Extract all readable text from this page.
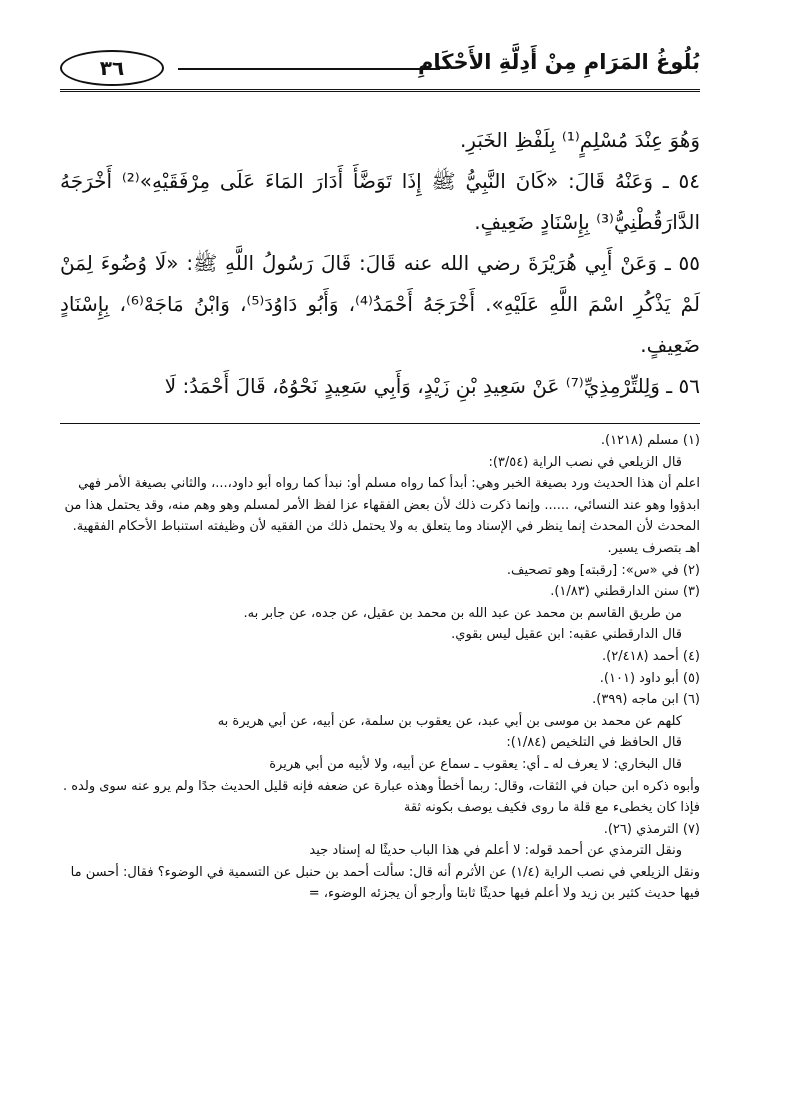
٣٦	بُلُوغُ المَرَامِ مِنْ أَدِلَّةِ الأَحْكَامِ

وَهُوَ عِنْدَ مُسْلِمٍ⁽¹⁾ بِلَفْظِ الخَبَرِ.

٥٤ ـ وَعَنْهُ قَالَ: «كَانَ النَّبِيُّ ﷺ إِذَا تَوَضَّأَ أَدَارَ المَاءَ عَلَى مِرْفَقَيْهِ»⁽²⁾ أَخْرَجَهُ الدَّارَقُطْنِيُّ⁽³⁾ بِإِسْنَادٍ ضَعِيفٍ.

٥٥ ـ وَعَنْ أَبِي هُرَيْرَةَ رضي الله عنه قَالَ: قَالَ رَسُولُ اللَّهِ ﷺ: «لَا وُضُوءَ لِمَنْ لَمْ يَذْكُرِ اسْمَ اللَّهِ عَلَيْهِ». أَخْرَجَهُ أَحْمَدُ⁽⁴⁾، وَأَبُو دَاوُدَ⁽⁵⁾، وَابْنُ مَاجَهْ⁽⁶⁾، بِإِسْنَادٍ ضَعِيفٍ.

٥٦ ـ وَلِلتِّرْمِذِيِّ⁽⁷⁾ عَنْ سَعِيدِ بْنِ زَيْدٍ، وَأَبِي سَعِيدٍ نَحْوُهُ، قَالَ أَحْمَدُ: لَا

(١) مسلم (١٢١٨).

قال الزيلعي في نصب الراية (٣/٥٤):

اعلم أن هذا الحديث ورد بصيغة الخبر وهي: أبدأ كما رواه مسلم أو: نبدأ كما رواه أبو داود،...، والثاني بصيغة الأمر فهي ابدؤوا وهو عند النسائي، ...... وإنما ذكرت ذلك لأن بعض الفقهاء عزا لفظ الأمر لمسلم وهو وهم منه، وقد يحتمل هذا من المحدث لأن المحدث إنما ينظر في الإسناد وما يتعلق به ولا يحتمل ذلك من الفقيه لأن وظيفته استنباط الأحكام الفقهية. اهـ بتصرف يسير.

(٢) في «س»: [رقبته] وهو تصحيف.

(٣) سنن الدارقطني (١/٨٣).

من طريق القاسم بن محمد عن عبد الله بن محمد بن عقيل، عن جده، عن جابر به.

قال الدارقطني عقبه: ابن عقيل ليس بقوي.

(٤) أحمد (٢/٤١٨).

(٥) أبو داود (١٠١).

(٦) ابن ماجه (٣٩٩).

كلهم عن محمد بن موسى بن أبي عبد، عن يعقوب بن سلمة، عن أبيه، عن أبي هريرة به

قال الحافظ في التلخيص (١/٨٤):

قال البخاري: لا يعرف له ـ أي: يعقوب ـ سماع عن أبيه، ولا لأبيه من أبي هريرة

وأبوه ذكره ابن حبان في الثقات، وقال: ربما أخطأ وهذه عبارة عن ضعفه فإنه قليل الحديث جدًا ولم يرو عنه سوى ولده . فإذا كان يخطىء مع قلة ما روى فكيف يوصف بكونه ثقة

(٧) الترمذي (٢٦).

ونقل الترمذي عن أحمد قوله: لا أعلم في هذا الباب حديثًا له إسناد جيد

ونقل الزيلعي في نصب الراية (١/٤) عن الأثرم أنه قال: سألت أحمد بن حنبل عن التسمية في الوضوء؟ فقال: أحسن ما فيها حديث كثير بن زيد ولا أعلم فيها حديثًا ثابتا وأرجو أن يجزئه الوضوء، =
